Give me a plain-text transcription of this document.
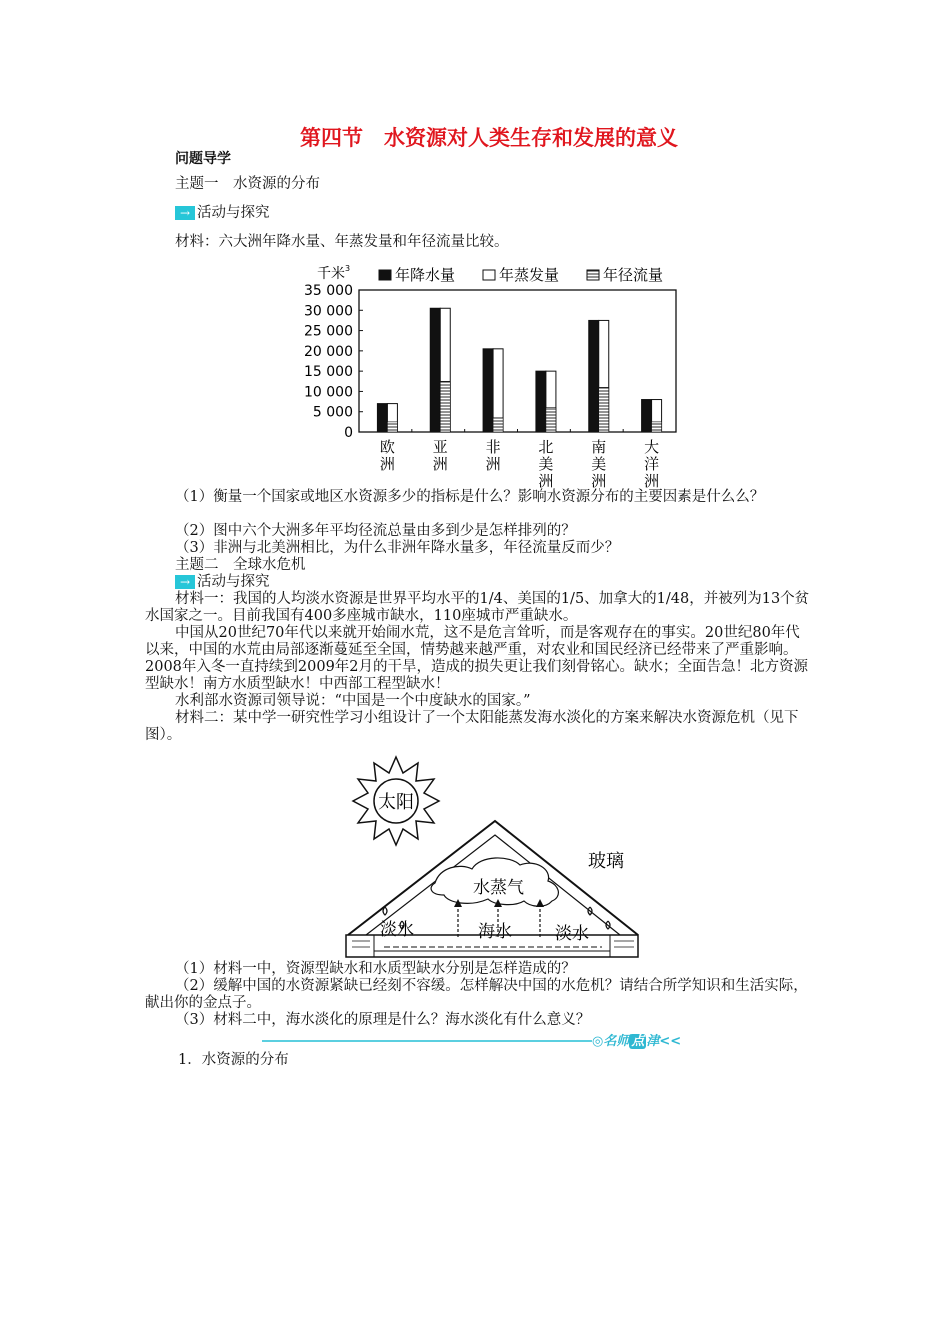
第四节　水资源对人类生存和发展的意义
问题导学
主题一　水资源的分布
→ 活动与探究
材料：六大洲年降水量、年蒸发量和年径流量比较。
35 000
30 000
25 000
20 000
15 000
10 000
5 000
0
千米 3	年降水量	年蒸发量	年径流量
欧
洲
亚
洲
非
洲
北
美
洲
南
美
洲
大
洋
洲
（1）衡量一个国家或地区水资源多少的指标是什么？影响水资源分布的主要因素是什么么？
（2）图中六个大洲多年平均径流总量由多到少是怎样排列的？
（3）非洲与北美洲相比，为什么非洲年降水量多，年径流量反而少？
主题二　全球水危机
→ 活动与探究
材料一：我国的人均淡水资源是世界平均水平的1/4、美国的1/5、加拿大的1/48，并被列为13个贫水国家之一。目前我国有400多座城市缺水，110座城市严重缺水。
中国从20世纪70年代以来就开始闹水荒，这不是危言耸听，而是客观存在的事实。20世纪80年代以来，中国的水荒由局部逐渐蔓延至全国，情势越来越严重，对农业和国民经济已经带来了严重影响。2008年入冬一直持续到2009年2月的干旱，造成的损失更让我们刻骨铭心。缺水；全面告急！北方资源型缺水！南方水质型缺水！中西部工程型缺水！
水利部水资源司领导说：“中国是一个中度缺水的国家。”
材料二：某中学一研究性学习小组设计了一个太阳能蒸发海水淡化的方案来解决水资源危机（见下图）。
太阳
玻璃
水蒸气
淡水	海水	淡水
（1）材料一中，资源型缺水和水质型缺水分别是怎样造成的？
（2）缓解中国的水资源紧缺已经刻不容缓。怎样解决中国的水危机？请结合所学知识和生活实际，献出你的金点子。
（3）材料二中，海水淡化的原理是什么？海水淡化有什么意义？
◎名师 点 津<<
1．水资源的分布
